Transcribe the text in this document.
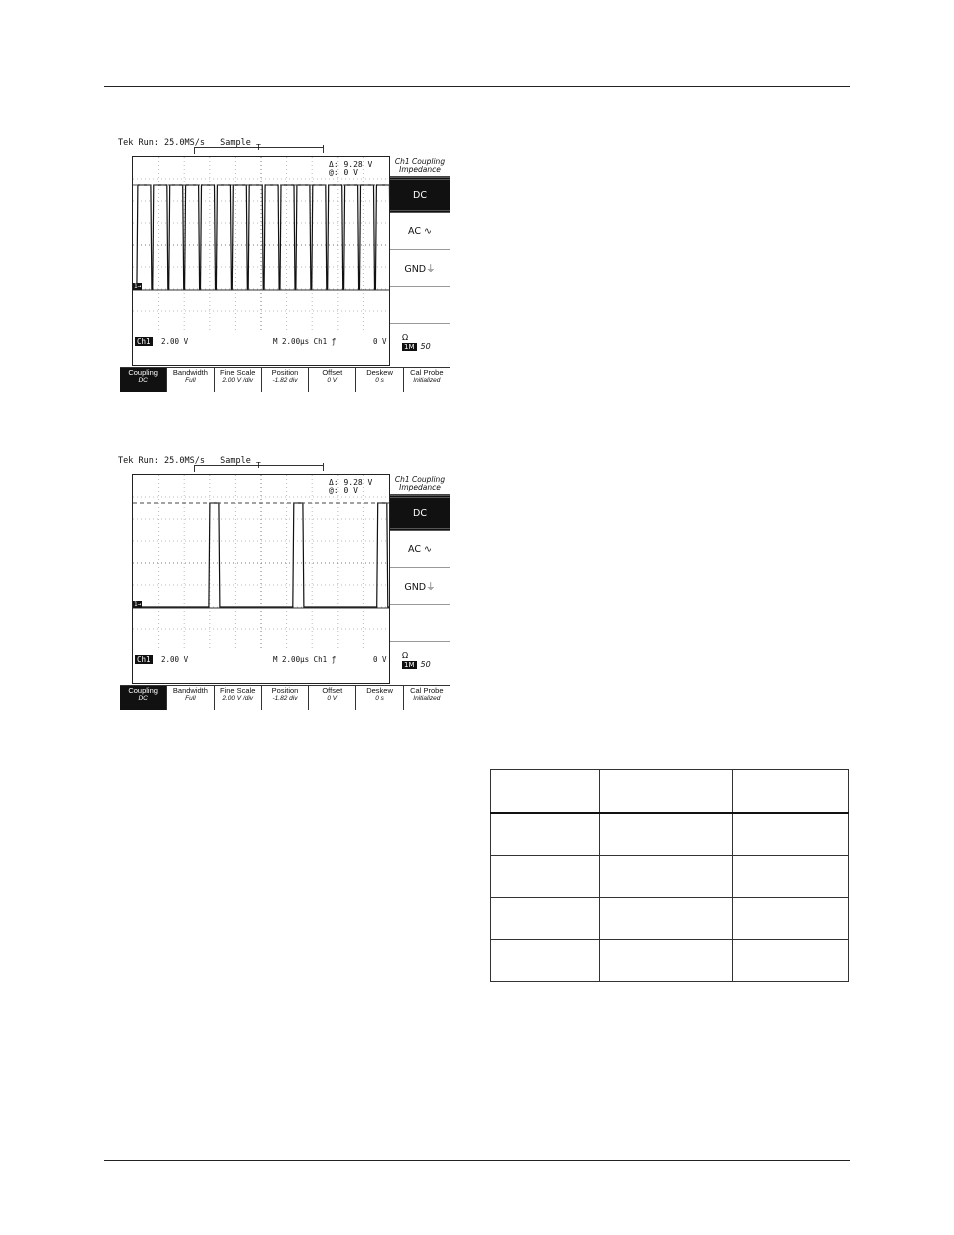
Tek Run: 25.0MS/s Sample T
Δ: 9.28 V
@: 0 V
1→
Ch1 2.00 V	M 2.00µs Ch1 ƒ	0 V
Ch1 Coupling Impedance
DC
AC ∿
GND⏚
Ω
1M 50
Coupling
DC
Bandwidth
Full
Fine Scale
2.00 V /div
Position
-1.82 div
Offset
0 V
Deskew
0 s
Cal Probe
Initialized
Tek Run: 25.0MS/s Sample T
Δ: 9.28 V
@: 0 V
1→
Ch1 2.00 V	M 2.00µs Ch1 ƒ	0 V
Ch1 Coupling Impedance
DC
AC ∿
GND⏚
Ω
1M 50
Coupling
DC
Bandwidth
Full
Fine Scale
2.00 V /div
Position
-1.82 div
Offset
0 V
Deskew
0 s
Cal Probe
Initialized
